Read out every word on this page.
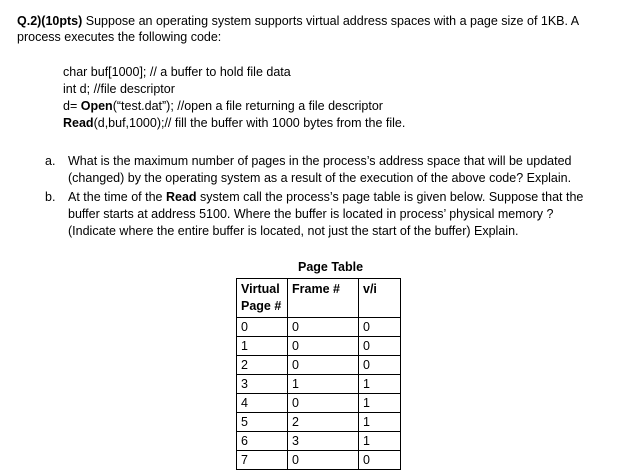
Q.2)(10pts) Suppose an operating system supports virtual address spaces with a page size of 1KB. A
process executes the following code:
char buf[1000]; // a buffer to hold file data
int d; //file descriptor
d= Open(“test.dat”); //open a file returning a file descriptor
Read(d,buf,1000);// fill the buffer with 1000 bytes from the file.
a. What is the maximum number of pages in the process’s address space that will be updated
(changed) by the operating system as a result of the execution of the above code? Explain.
b. At the time of the Read system call the process’s page table is given below. Suppose that the
buffer starts at address 5100. Where the buffer is located in process’ physical memory ?
(Indicate where the entire buffer is located, not just the start of the buffer) Explain.
Page Table
Virtual Page #	Frame #	v/i
0	0	0
1	0	0
2	0	0
3	1	1
4	0	1
5	2	1
6	3	1
7	0	0
